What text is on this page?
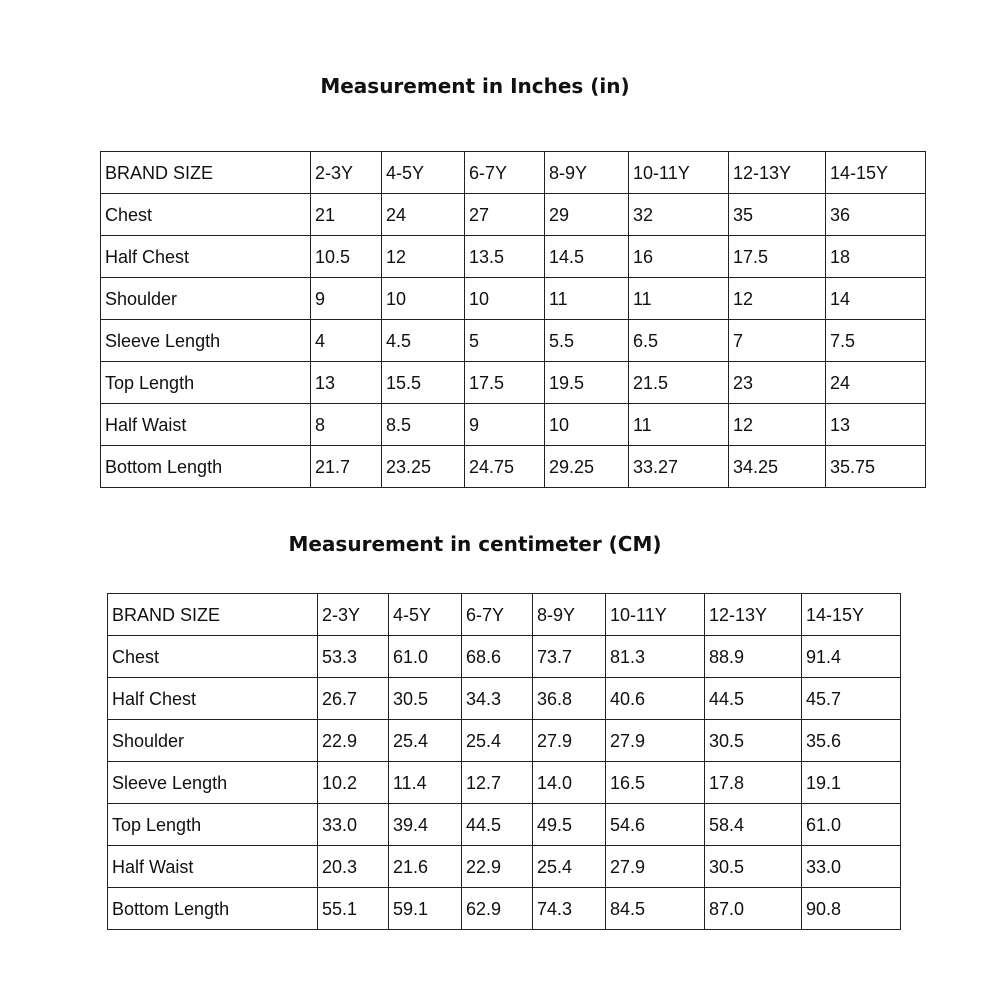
Measurement in Inches (in)
BRAND SIZE	2-3Y	4-5Y	6-7Y	8-9Y	10-11Y	12-13Y	14-15Y
Chest	21	24	27	29	32	35	36
Half Chest	10.5	12	13.5	14.5	16	17.5	18
Shoulder	9	10	10	11	11	12	14
Sleeve Length	4	4.5	5	5.5	6.5	7	7.5
Top Length	13	15.5	17.5	19.5	21.5	23	24
Half Waist	8	8.5	9	10	11	12	13
Bottom Length	21.7	23.25	24.75	29.25	33.27	34.25	35.75
Measurement in centimeter (CM)
BRAND SIZE	2-3Y	4-5Y	6-7Y	8-9Y	10-11Y	12-13Y	14-15Y
Chest	53.3	61.0	68.6	73.7	81.3	88.9	91.4
Half Chest	26.7	30.5	34.3	36.8	40.6	44.5	45.7
Shoulder	22.9	25.4	25.4	27.9	27.9	30.5	35.6
Sleeve Length	10.2	11.4	12.7	14.0	16.5	17.8	19.1
Top Length	33.0	39.4	44.5	49.5	54.6	58.4	61.0
Half Waist	20.3	21.6	22.9	25.4	27.9	30.5	33.0
Bottom Length	55.1	59.1	62.9	74.3	84.5	87.0	90.8
